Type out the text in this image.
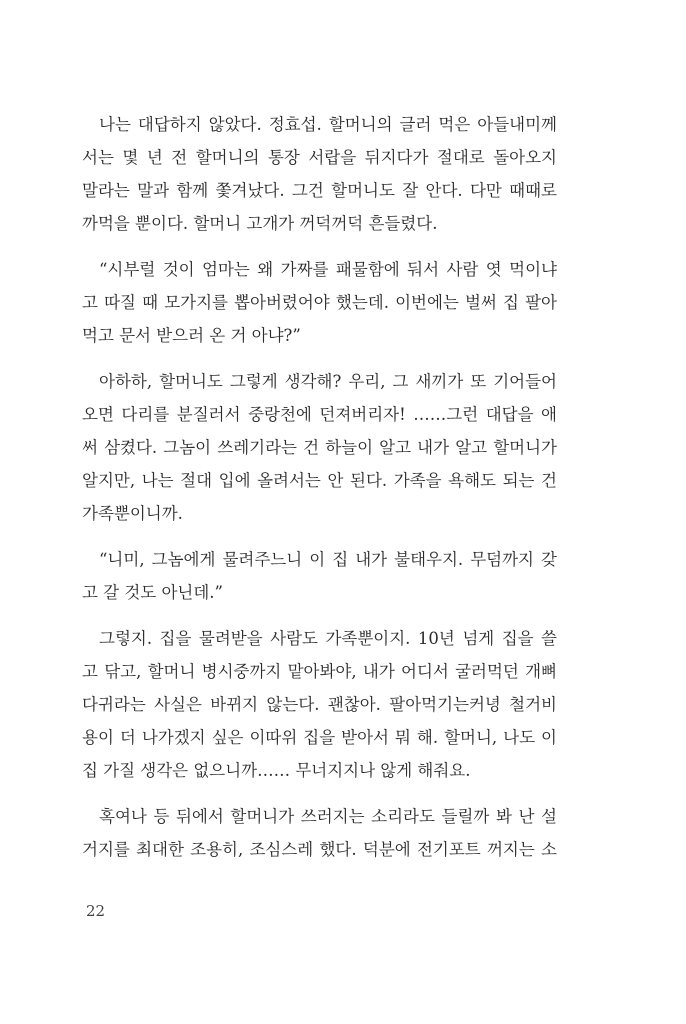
나는 대답하지 않았다. 정효섭. 할머니의 글러 먹은 아들내미께
서는 몇 년 전 할머니의 통장 서랍을 뒤지다가 절대로 돌아오지
말라는 말과 함께 쫓겨났다. 그건 할머니도 잘 안다. 다만 때때로
까먹을 뿐이다. 할머니 고개가 꺼덕꺼덕 흔들렸다.
“시부럴 것이 엄마는 왜 가짜를 패물함에 둬서 사람 엿 먹이냐
고 따질 때 모가지를 뽑아버렸어야 했는데. 이번에는 벌써 집 팔아
먹고 문서 받으러 온 거 아냐?”
아하하, 할머니도 그렇게 생각해? 우리, 그 새끼가 또 기어들어
오면 다리를 분질러서 중랑천에 던져버리자! ……그런 대답을 애
써 삼켰다. 그놈이 쓰레기라는 건 하늘이 알고 내가 알고 할머니가
알지만, 나는 절대 입에 올려서는 안 된다. 가족을 욕해도 되는 건
가족뿐이니까.
“니미, 그놈에게 물려주느니 이 집 내가 불태우지. 무덤까지 갖
고 갈 것도 아닌데.”
그렇지. 집을 물려받을 사람도 가족뿐이지. 10년 넘게 집을 쓸
고 닦고, 할머니 병시중까지 맡아봐야, 내가 어디서 굴러먹던 개뼈
다귀라는 사실은 바뀌지 않는다. 괜찮아. 팔아먹기는커녕 철거비
용이 더 나가겠지 싶은 이따위 집을 받아서 뭐 해. 할머니, 나도 이
집 가질 생각은 없으니까…… 무너지지나 않게 해줘요.
혹여나 등 뒤에서 할머니가 쓰러지는 소리라도 들릴까 봐 난 설
거지를 최대한 조용히, 조심스레 했다. 덕분에 전기포트 꺼지는 소
22
